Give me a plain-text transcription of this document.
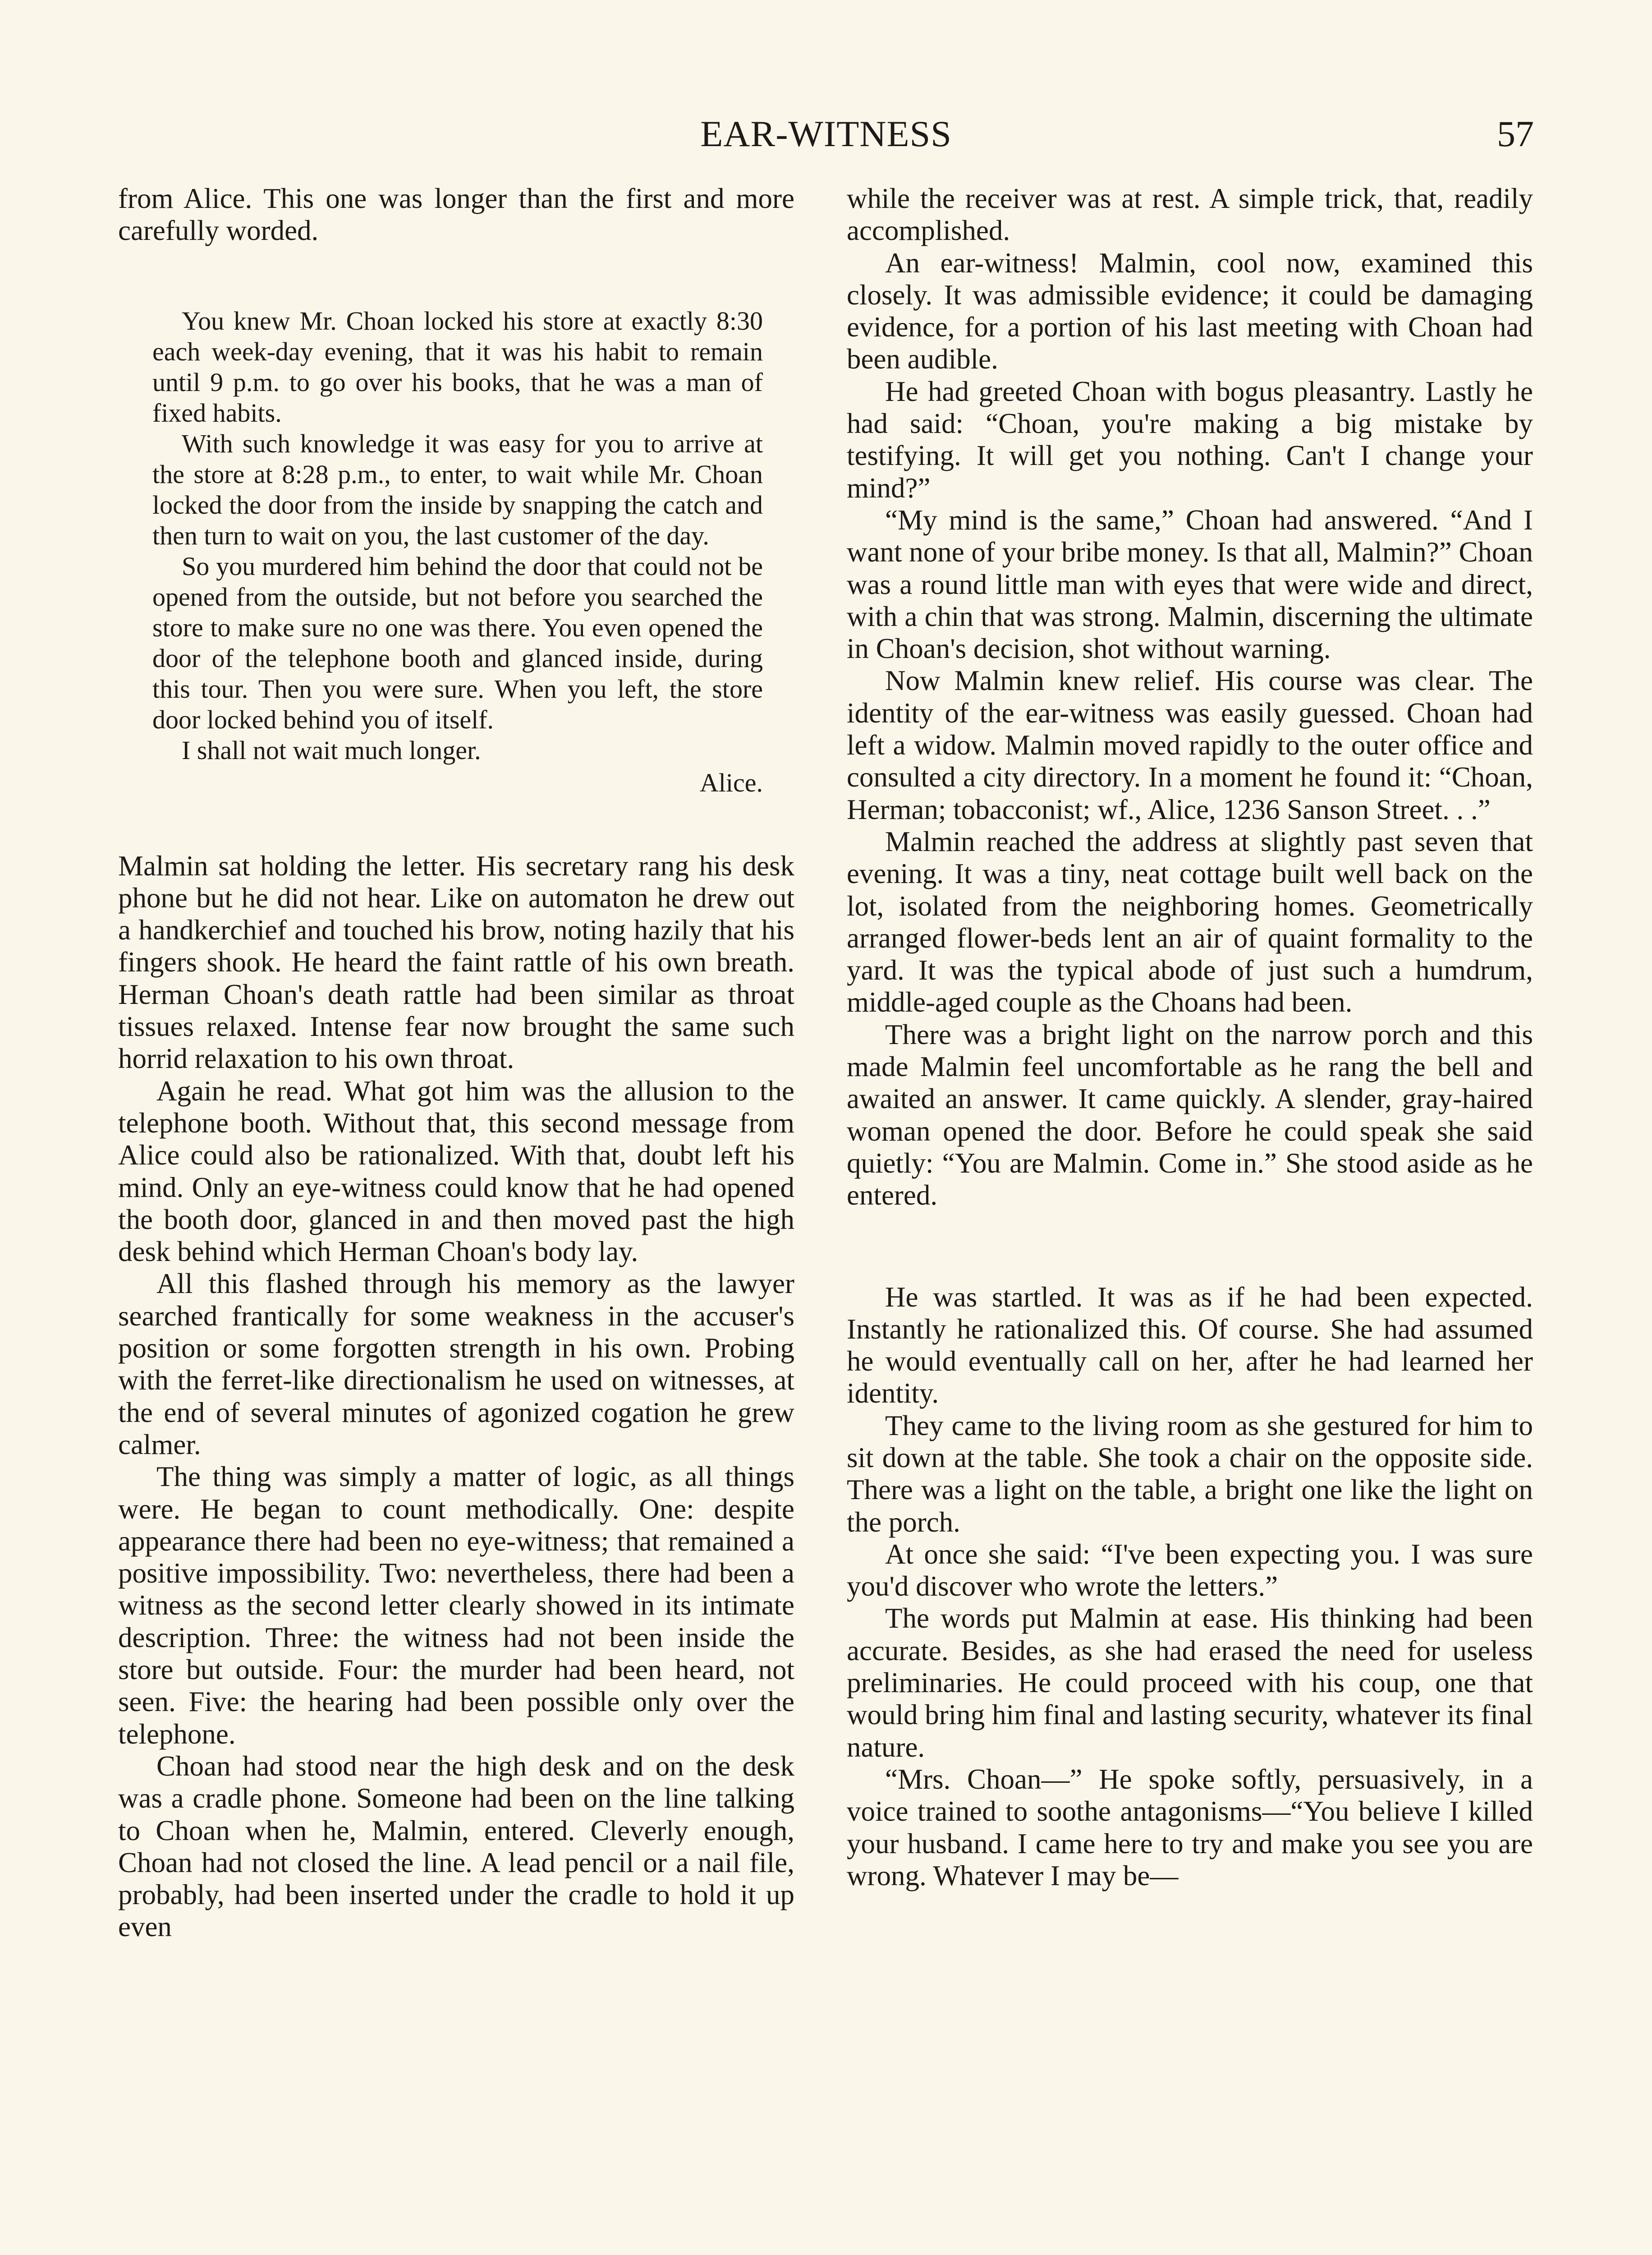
EAR-WITNESS	57

from Alice. This one was longer than the first and more carefully worded.

You knew Mr. Choan locked his store at exactly 8:30 each week-day evening, that it was his habit to remain until 9 p.m. to go over his books, that he was a man of fixed habits.

With such knowledge it was easy for you to arrive at the store at 8:28 p.m., to enter, to wait while Mr. Choan locked the door from the inside by snapping the catch and then turn to wait on you, the last customer of the day.

So you murdered him behind the door that could not be opened from the outside, but not before you searched the store to make sure no one was there. You even opened the door of the telephone booth and glanced inside, during this tour. Then you were sure. When you left, the store door locked behind you of itself.

I shall not wait much longer.

Alice.

Malmin sat holding the letter. His secretary rang his desk phone but he did not hear. Like on automaton he drew out a handkerchief and touched his brow, noting hazily that his fingers shook. He heard the faint rattle of his own breath. Herman Choan's death rattle had been similar as throat tissues relaxed. Intense fear now brought the same such horrid relaxation to his own throat.

Again he read. What got him was the allusion to the telephone booth. Without that, this second message from Alice could also be rationalized. With that, doubt left his mind. Only an eye-witness could know that he had opened the booth door, glanced in and then moved past the high desk behind which Herman Choan's body lay.

All this flashed through his memory as the lawyer searched frantically for some weakness in the accuser's position or some forgotten strength in his own. Probing with the ferret-like directionalism he used on witnesses, at the end of several minutes of agonized cogation he grew calmer.

The thing was simply a matter of logic, as all things were. He began to count methodically. One: despite appearance there had been no eye-witness; that remained a positive impossibility. Two: nevertheless, there had been a witness as the second letter clearly showed in its intimate description. Three: the witness had not been inside the store but outside. Four: the murder had been heard, not seen. Five: the hearing had been possible only over the telephone.

Choan had stood near the high desk and on the desk was a cradle phone. Someone had been on the line talking to Choan when he, Malmin, entered. Cleverly enough, Choan had not closed the line. A lead pencil or a nail file, probably, had been inserted under the cradle to hold it up even

while the receiver was at rest. A simple trick, that, readily accomplished.

An ear-witness! Malmin, cool now, examined this closely. It was admissible evidence; it could be damaging evidence, for a portion of his last meeting with Choan had been audible.

He had greeted Choan with bogus pleasantry. Lastly he had said: “Choan, you're making a big mistake by testifying. It will get you nothing. Can't I change your mind?”

“My mind is the same,” Choan had answered. “And I want none of your bribe money. Is that all, Malmin?” Choan was a round little man with eyes that were wide and direct, with a chin that was strong. Malmin, discerning the ultimate in Choan's decision, shot without warning.

Now Malmin knew relief. His course was clear. The identity of the ear-witness was easily guessed. Choan had left a widow. Malmin moved rapidly to the outer office and consulted a city directory. In a moment he found it: “Choan, Herman; tobacconist; wf., Alice, 1236 Sanson Street. . .”

Malmin reached the address at slightly past seven that evening. It was a tiny, neat cottage built well back on the lot, isolated from the neighboring homes. Geometrically arranged flower-beds lent an air of quaint formality to the yard. It was the typical abode of just such a humdrum, middle-aged couple as the Choans had been.

There was a bright light on the narrow porch and this made Malmin feel uncomfortable as he rang the bell and awaited an answer. It came quickly. A slender, gray-haired woman opened the door. Before he could speak she said quietly: “You are Malmin. Come in.” She stood aside as he entered.

He was startled. It was as if he had been expected. Instantly he rationalized this. Of course. She had assumed he would eventually call on her, after he had learned her identity.

They came to the living room as she gestured for him to sit down at the table. She took a chair on the opposite side. There was a light on the table, a bright one like the light on the porch.

At once she said: “I've been expecting you. I was sure you'd discover who wrote the letters.”

The words put Malmin at ease. His thinking had been accurate. Besides, as she had erased the need for useless preliminaries. He could proceed with his coup, one that would bring him final and lasting security, whatever its final nature.

“Mrs. Choan—” He spoke softly, persuasively, in a voice trained to soothe antagonisms—“You believe I killed your husband. I came here to try and make you see you are wrong. Whatever I may be—
